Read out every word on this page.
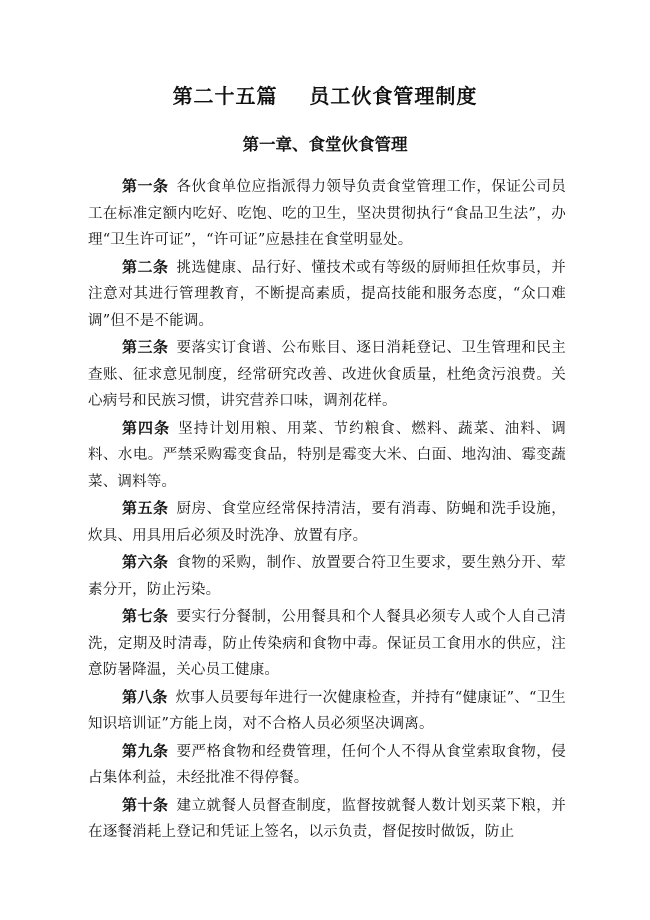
第二十五篇    员工伙食管理制度
第一章、食堂伙食管理

第一条 各伙食单位应指派得力领导负责食堂管理工作，保证公司员工在标准定额内吃好、吃饱、吃的卫生，坚决贯彻执行“食品卫生法”，办理“卫生许可证”，“许可证”应悬挂在食堂明显处。

第二条 挑选健康、品行好、懂技术或有等级的厨师担任炊事员，并注意对其进行管理教育，不断提高素质，提高技能和服务态度，“众口难调”但不是不能调。

第三条 要落实订食谱、公布账目、逐日消耗登记、卫生管理和民主查账、征求意见制度，经常研究改善、改进伙食质量，杜绝贪污浪费。关心病号和民族习惯，讲究营养口味，调剂花样。

第四条 坚持计划用粮、用菜、节约粮食、燃料、蔬菜、油料、调料、水电。严禁采购霉变食品，特别是霉变大米、白面、地沟油、霉变蔬菜、调料等。

第五条 厨房、食堂应经常保持清洁，要有消毒、防蝇和洗手设施，炊具、用具用后必须及时洗净、放置有序。

第六条 食物的采购，制作、放置要合符卫生要求，要生熟分开、荤素分开，防止污染。

第七条 要实行分餐制，公用餐具和个人餐具必须专人或个人自己清洗，定期及时清毒，防止传染病和食物中毒。保证员工食用水的供应，注意防暑降温，关心员工健康。

第八条 炊事人员要每年进行一次健康检查，并持有“健康证”、“卫生知识培训证”方能上岗，对不合格人员必须坚决调离。

第九条 要严格食物和经费管理，任何个人不得从食堂索取食物，侵占集体利益，未经批准不得停餐。

第十条 建立就餐人员督查制度，监督按就餐人数计划买菜下粮，并在逐餐消耗上登记和凭证上签名，以示负责，督促按时做饭，防止
